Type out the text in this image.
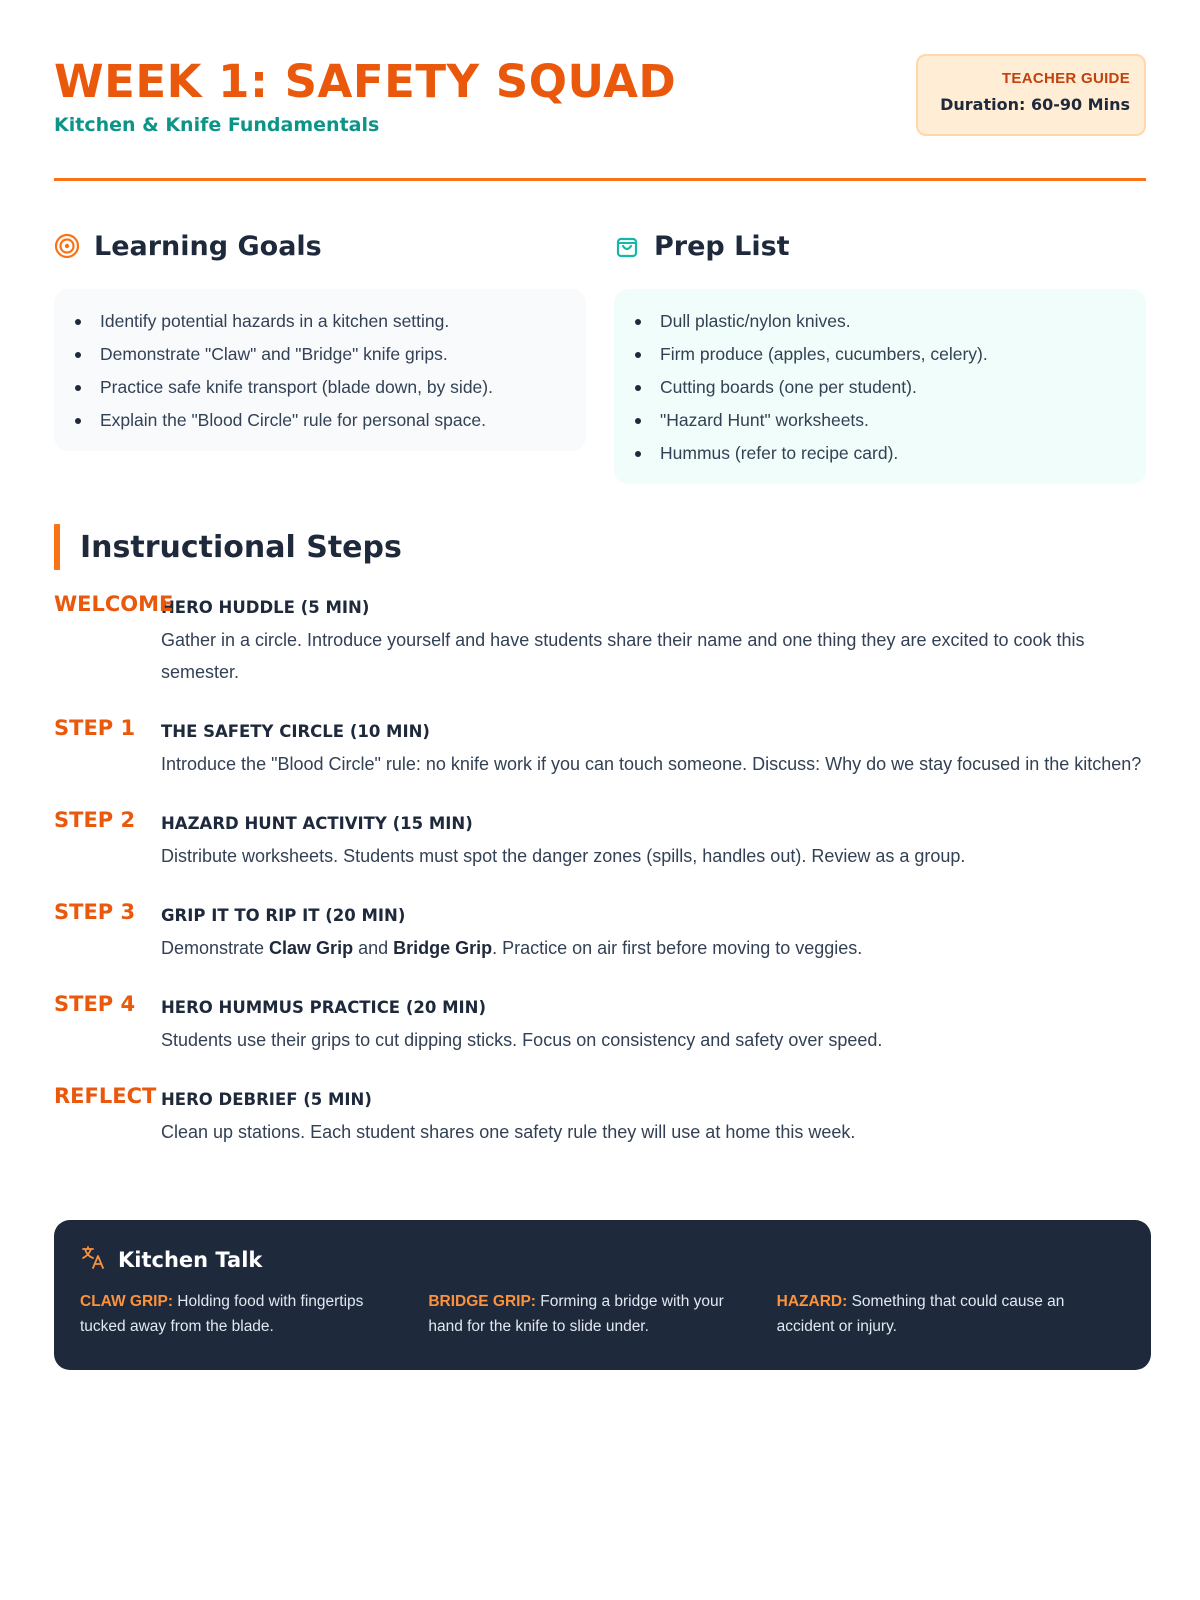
WEEK 1: SAFETY SQUAD
Kitchen & Knife Fundamentals
TEACHER GUIDE
Duration: 60-90 Mins
Learning Goals
Identify potential hazards in a kitchen setting.
Demonstrate "Claw" and "Bridge" knife grips.
Practice safe knife transport (blade down, by side).
Explain the "Blood Circle" rule for personal space.
Prep List
Dull plastic/nylon knives.
Firm produce (apples, cucumbers, celery).
Cutting boards (one per student).
"Hazard Hunt" worksheets.
Hummus (refer to recipe card).
Instructional Steps
WELCOME
HERO HUDDLE (5 MIN)
Gather in a circle. Introduce yourself and have students share their name and one thing they are excited to cook this semester.
STEP 1 THE SAFETY CIRCLE (10 MIN)
Introduce the "Blood Circle" rule: no knife work if you can touch someone. Discuss: Why do we stay focused in the kitchen?
STEP 2 HAZARD HUNT ACTIVITY (15 MIN)
Distribute worksheets. Students must spot the danger zones (spills, handles out). Review as a group.
STEP 3 GRIP IT TO RIP IT (20 MIN)
Demonstrate Claw Grip and Bridge Grip. Practice on air first before moving to veggies.
STEP 4 HERO HUMMUS PRACTICE (20 MIN)
Students use their grips to cut dipping sticks. Focus on consistency and safety over speed.
REFLECT HERO DEBRIEF (5 MIN)
Clean up stations. Each student shares one safety rule they will use at home this week.
Kitchen Talk
CLAW GRIP: Holding food with fingertips tucked away from the blade.
BRIDGE GRIP: Forming a bridge with your hand for the knife to slide under.
HAZARD: Something that could cause an accident or injury.
